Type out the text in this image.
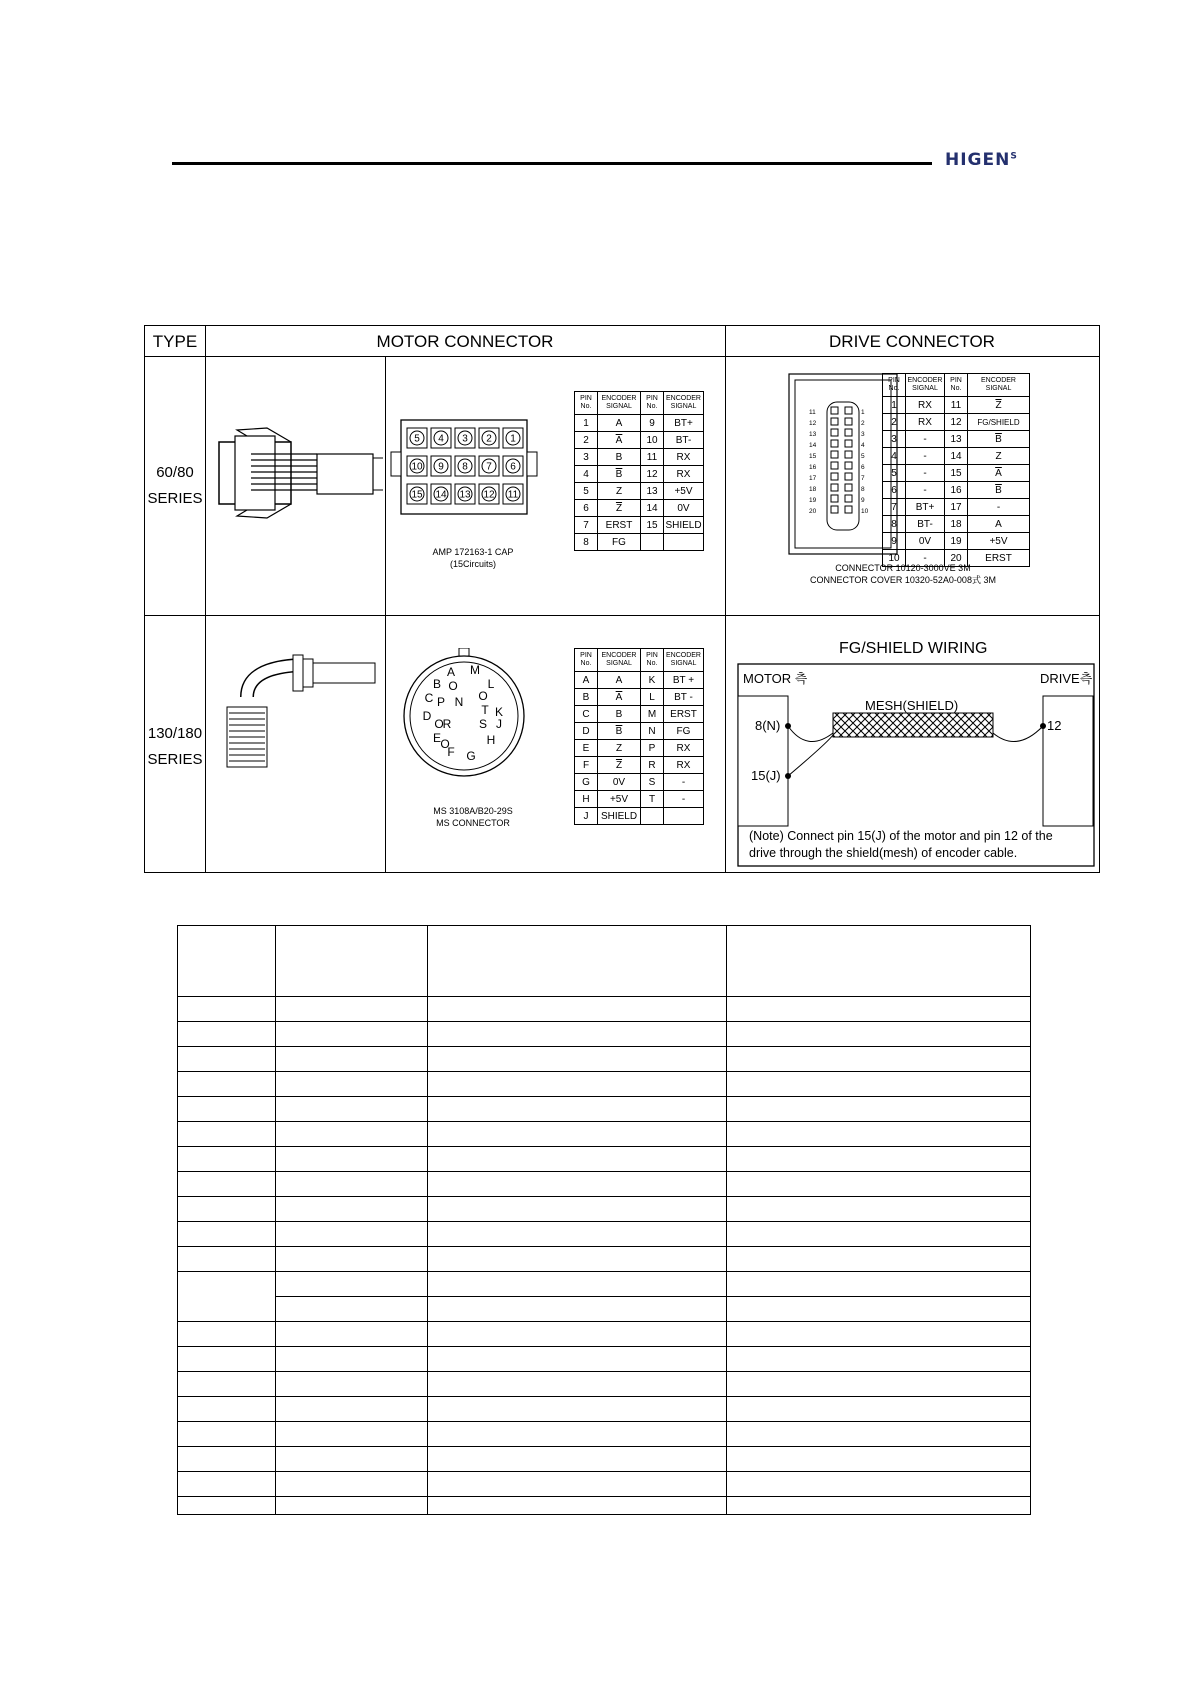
$HIGEN^S$
TYPE	MOTOR CONNECTOR	DRIVE CONNECTOR
60/80
SERIES
130/180
SERIES
5 4 3 2 1
10 9 8 7 6
15 14 13 12 11
AMP 172163-1 CAP
(15Circuits)
PIN
No.	ENCODER
SIGNAL	PIN
No.	ENCODER
SIGNAL
1	A	9	BT+
2	$\overline{A}$	10	BT-
3	B	11	RX
4	$\overline{B}$	12	RX
5	Z	13	+5V
6	$\overline{Z}$	14	0V
7	ERST	15	SHIELD
8	FG		
11	1
12	2
13	3
14	4
15	5
16	6
17	7
18	8
19	9
20	10
PIN
No.	ENCODER
SIGNAL	PIN
No.	ENCODER
SIGNAL
1	RX	11	$\overline{Z}$
2	RX	12	FG/SHIELD
3	-	13	$\overline{B}$
4	-	14	Z
5	-	15	$\overline{A}$
6	-	16	$\overline{B}$
7	BT+	17	-
8	BT-	18	A
9	0V	19	+5V
10	-	20	ERST
CONNECTOR 10120-3000VE 3M
CONNECTOR COVER 10320-52A0-008式 3M
A M
B O L
C P N O
T K
D
R
O	S J
E O	H
F G
MS 3108A/B20-29S
MS CONNECTOR
PIN
No.	ENCODER
SIGNAL	PIN
No.	ENCODER
SIGNAL
A	A	K	BT +
B	$\overline{A}$	L	BT -
C	B	M	ERST
D	$\overline{B}$	N	FG
E	Z	P	RX
F	$\overline{Z}$	R	RX
G	0V	S	-
H	+5V	T	-
J	SHIELD		
FG/SHIELD WIRING
MOTOR 측	DRIVE측
MESH(SHIELD)
8(N)
15(J)
12
(Note) Connect pin 15(J) of the motor and pin 12 of the
drive through the shield(mesh) of encoder cable.
